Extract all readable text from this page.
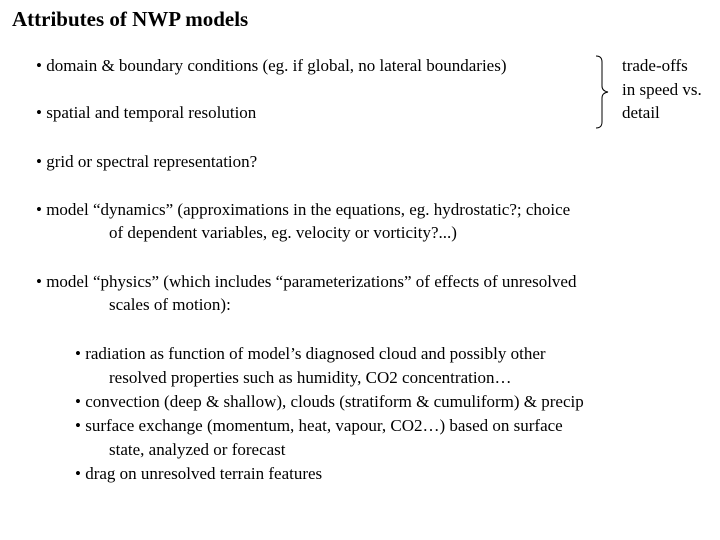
Attributes of NWP models
• domain & boundary conditions (eg. if global, no lateral boundaries)
• spatial and temporal resolution
trade-offs
in speed vs.
detail
• grid or spectral representation?
• model “dynamics” (approximations in the equations, eg. hydrostatic?; choice
of dependent variables, eg. velocity or vorticity?...)
• model “physics” (which includes “parameterizations” of effects of unresolved
scales of motion):
• radiation as function of model’s diagnosed cloud and possibly other
resolved properties such as humidity, CO2 concentration…
• convection (deep & shallow), clouds (stratiform & cumuliform) & precip
• surface exchange (momentum, heat, vapour, CO2…) based on surface
state, analyzed or forecast
• drag on unresolved terrain features
